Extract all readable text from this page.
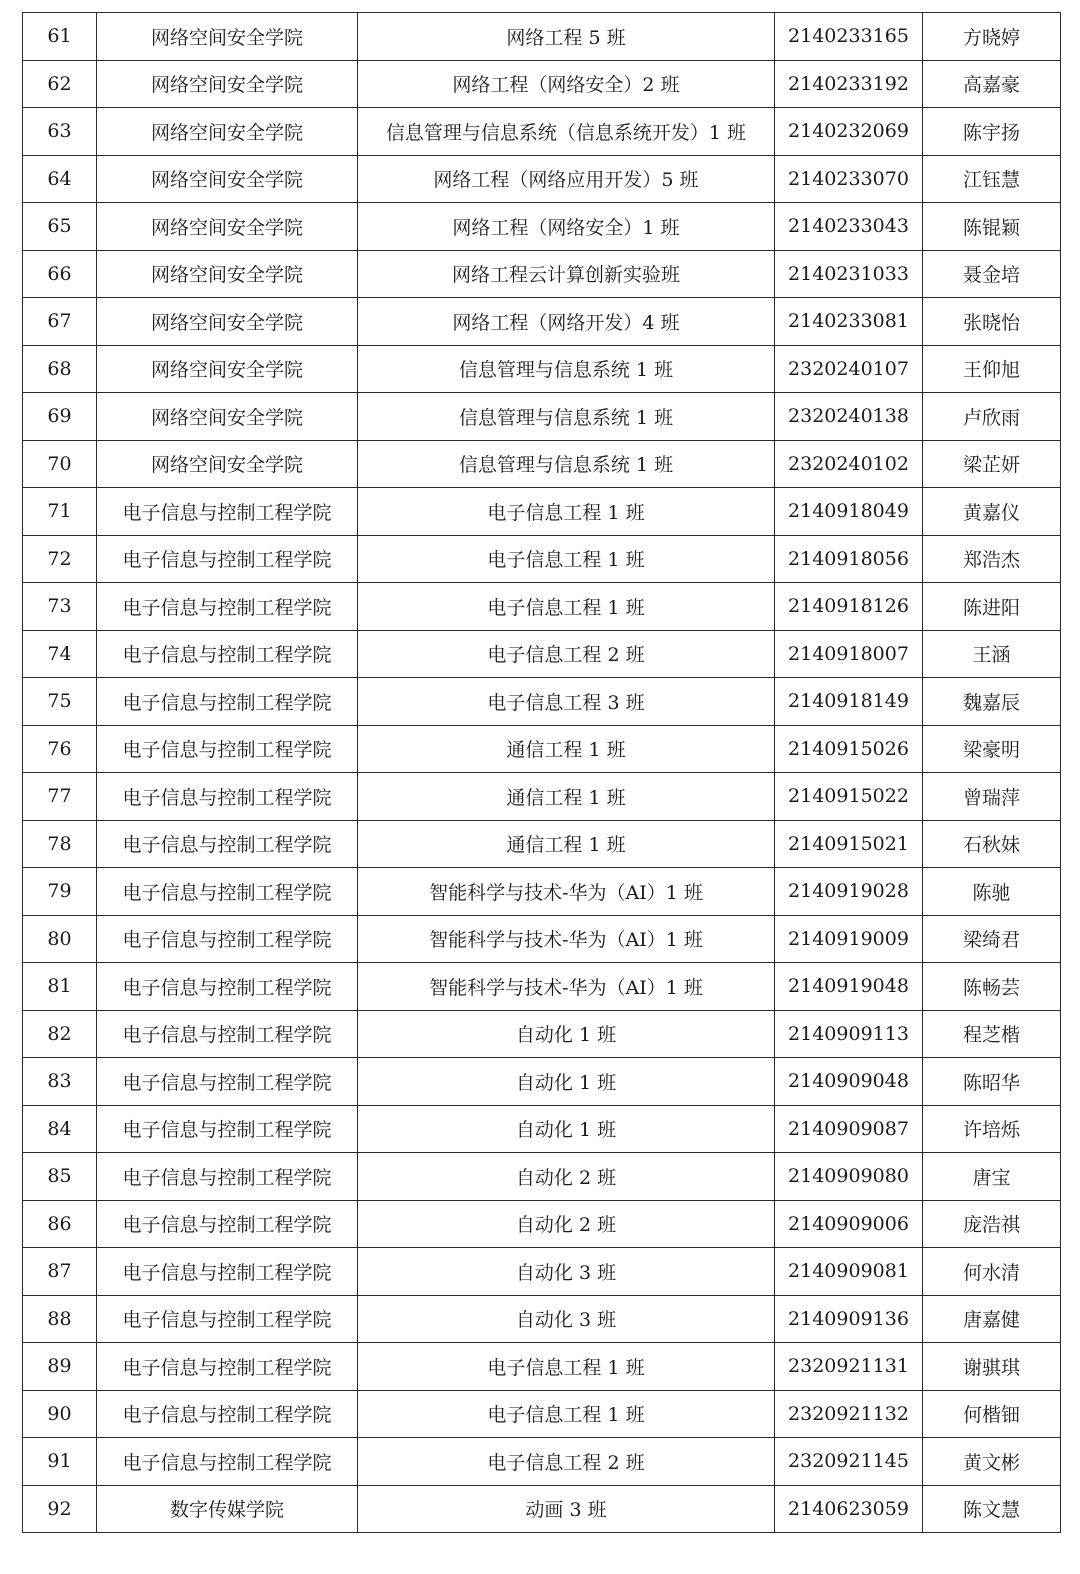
61	网络空间安全学院	网络工程 5 班	2140233165	方晓婷
62	网络空间安全学院	网络工程（网络安全）2 班	2140233192	高嘉豪
63	网络空间安全学院	信息管理与信息系统（信息系统开发）1 班	2140232069	陈宇扬
64	网络空间安全学院	网络工程（网络应用开发）5 班	2140233070	江钰慧
65	网络空间安全学院	网络工程（网络安全）1 班	2140233043	陈锟颖
66	网络空间安全学院	网络工程云计算创新实验班	2140231033	聂金培
67	网络空间安全学院	网络工程（网络开发）4 班	2140233081	张晓怡
68	网络空间安全学院	信息管理与信息系统 1 班	2320240107	王仰旭
69	网络空间安全学院	信息管理与信息系统 1 班	2320240138	卢欣雨
70	网络空间安全学院	信息管理与信息系统 1 班	2320240102	梁芷妍
71	电子信息与控制工程学院	电子信息工程 1 班	2140918049	黄嘉仪
72	电子信息与控制工程学院	电子信息工程 1 班	2140918056	郑浩杰
73	电子信息与控制工程学院	电子信息工程 1 班	2140918126	陈进阳
74	电子信息与控制工程学院	电子信息工程 2 班	2140918007	王涵
75	电子信息与控制工程学院	电子信息工程 3 班	2140918149	魏嘉辰
76	电子信息与控制工程学院	通信工程 1 班	2140915026	梁豪明
77	电子信息与控制工程学院	通信工程 1 班	2140915022	曾瑞萍
78	电子信息与控制工程学院	通信工程 1 班	2140915021	石秋妹
79	电子信息与控制工程学院	智能科学与技术-华为（AI）1 班	2140919028	陈驰
80	电子信息与控制工程学院	智能科学与技术-华为（AI）1 班	2140919009	梁绮君
81	电子信息与控制工程学院	智能科学与技术-华为（AI）1 班	2140919048	陈畅芸
82	电子信息与控制工程学院	自动化 1 班	2140909113	程芝楷
83	电子信息与控制工程学院	自动化 1 班	2140909048	陈昭华
84	电子信息与控制工程学院	自动化 1 班	2140909087	许培烁
85	电子信息与控制工程学院	自动化 2 班	2140909080	唐宝
86	电子信息与控制工程学院	自动化 2 班	2140909006	庞浩祺
87	电子信息与控制工程学院	自动化 3 班	2140909081	何水清
88	电子信息与控制工程学院	自动化 3 班	2140909136	唐嘉健
89	电子信息与控制工程学院	电子信息工程 1 班	2320921131	谢骐琪
90	电子信息与控制工程学院	电子信息工程 1 班	2320921132	何楷钿
91	电子信息与控制工程学院	电子信息工程 2 班	2320921145	黄文彬
92	数字传媒学院	动画 3 班	2140623059	陈文慧
